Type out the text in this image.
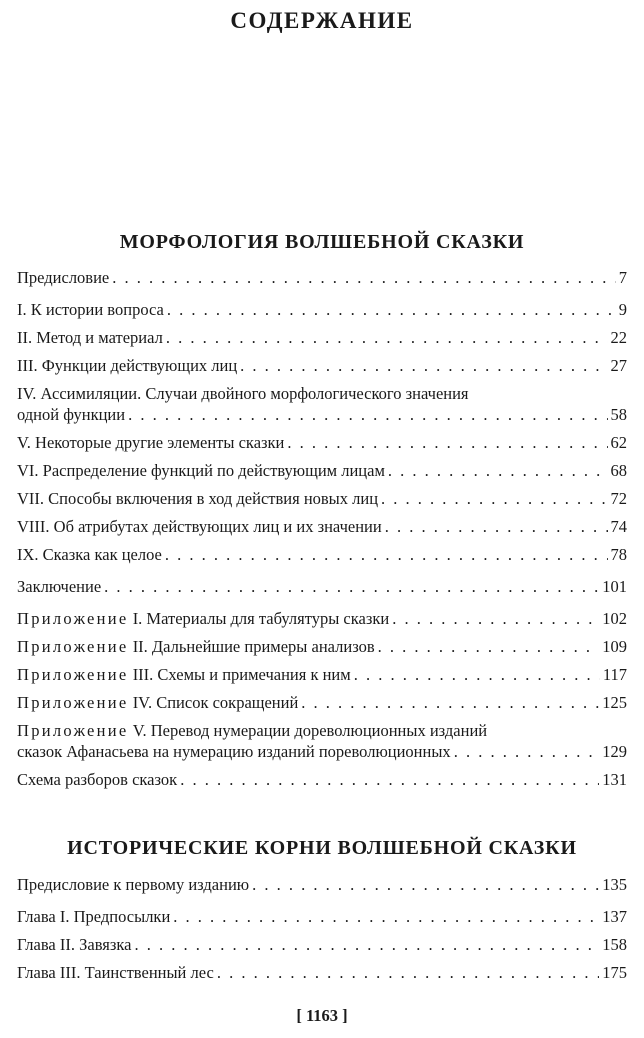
СОДЕРЖАНИЕ
МОРФОЛОГИЯ ВОЛШЕБНОЙ СКАЗКИ
Предисловие . . .	7
I. К истории вопроса . . .	9
II. Метод и материал . . .	22
III. Функции действующих лиц . . .	27
IV. Ассимиляции. Случаи двойного морфологического значения
одной функции . . .	58
V. Некоторые другие элементы сказки . . .	62
VI. Распределение функций по действующим лицам . . .	68
VII. Способы включения в ход действия новых лиц . . .	72
VIII. Об атрибутах действующих лиц и их значении . . .	74
IX. Сказка как целое . . .	78
Заключение . . .	101
Приложение I. Материалы для табулятуры сказки . . .	102
Приложение II. Дальнейшие примеры анализов . . .	109
Приложение III. Схемы и примечания к ним . . .	117
Приложение IV. Список сокращений . . .	125
Приложение V. Перевод нумерации дореволюционных изданий
сказок Афанасьева на нумерацию изданий пореволюционных . . .	129
Схема разборов сказок . . .	131
ИСТОРИЧЕСКИЕ КОРНИ ВОЛШЕБНОЙ СКАЗКИ
Предисловие к первому изданию . . .	135
Глава I. Предпосылки . . .	137
Глава II. Завязка . . .	158
Глава III. Таинственный лес . . .	175
[ 1163 ]
